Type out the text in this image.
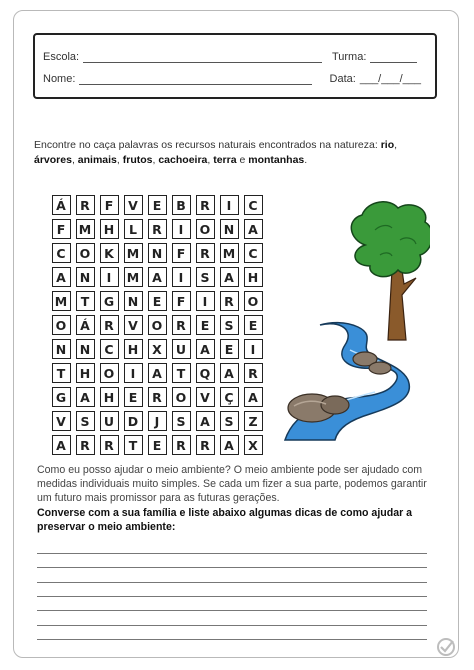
Escola:	Turma:
Nome:	Data: ___/___/___
Encontre no caça palavras os recursos naturais encontrados na natureza: rio, árvores, animais, frutos, cachoeira, terra e montanhas.
Á	R	F	V	E	B	R	I	C

F	M	H	L	R	I	O	N	A

C	O	K	M	N	F	R	M	C

A	N	I	M	A	I	S	A	H

M	T	G	N	E	F	I	R	O

O	Á	R	V	O	R	E	S	E

N	N	C	H	X	U	A	E	I

T	H	O	I	A	T	Q	A	R

G	A	H	E	R	O	V	Ç	A

V	S	U	D	J	S	A	S	Z

A	R	R	T	E	R	R	A	X
Como eu posso ajudar o meio ambiente? O meio ambiente pode ser ajudado com medidas individuais muito simples. Se cada um fizer a sua parte, podemos garantir um futuro mais promissor para as futuras gerações.
Converse com a sua família e liste abaixo algumas dicas de como ajudar a preservar o meio ambiente:
